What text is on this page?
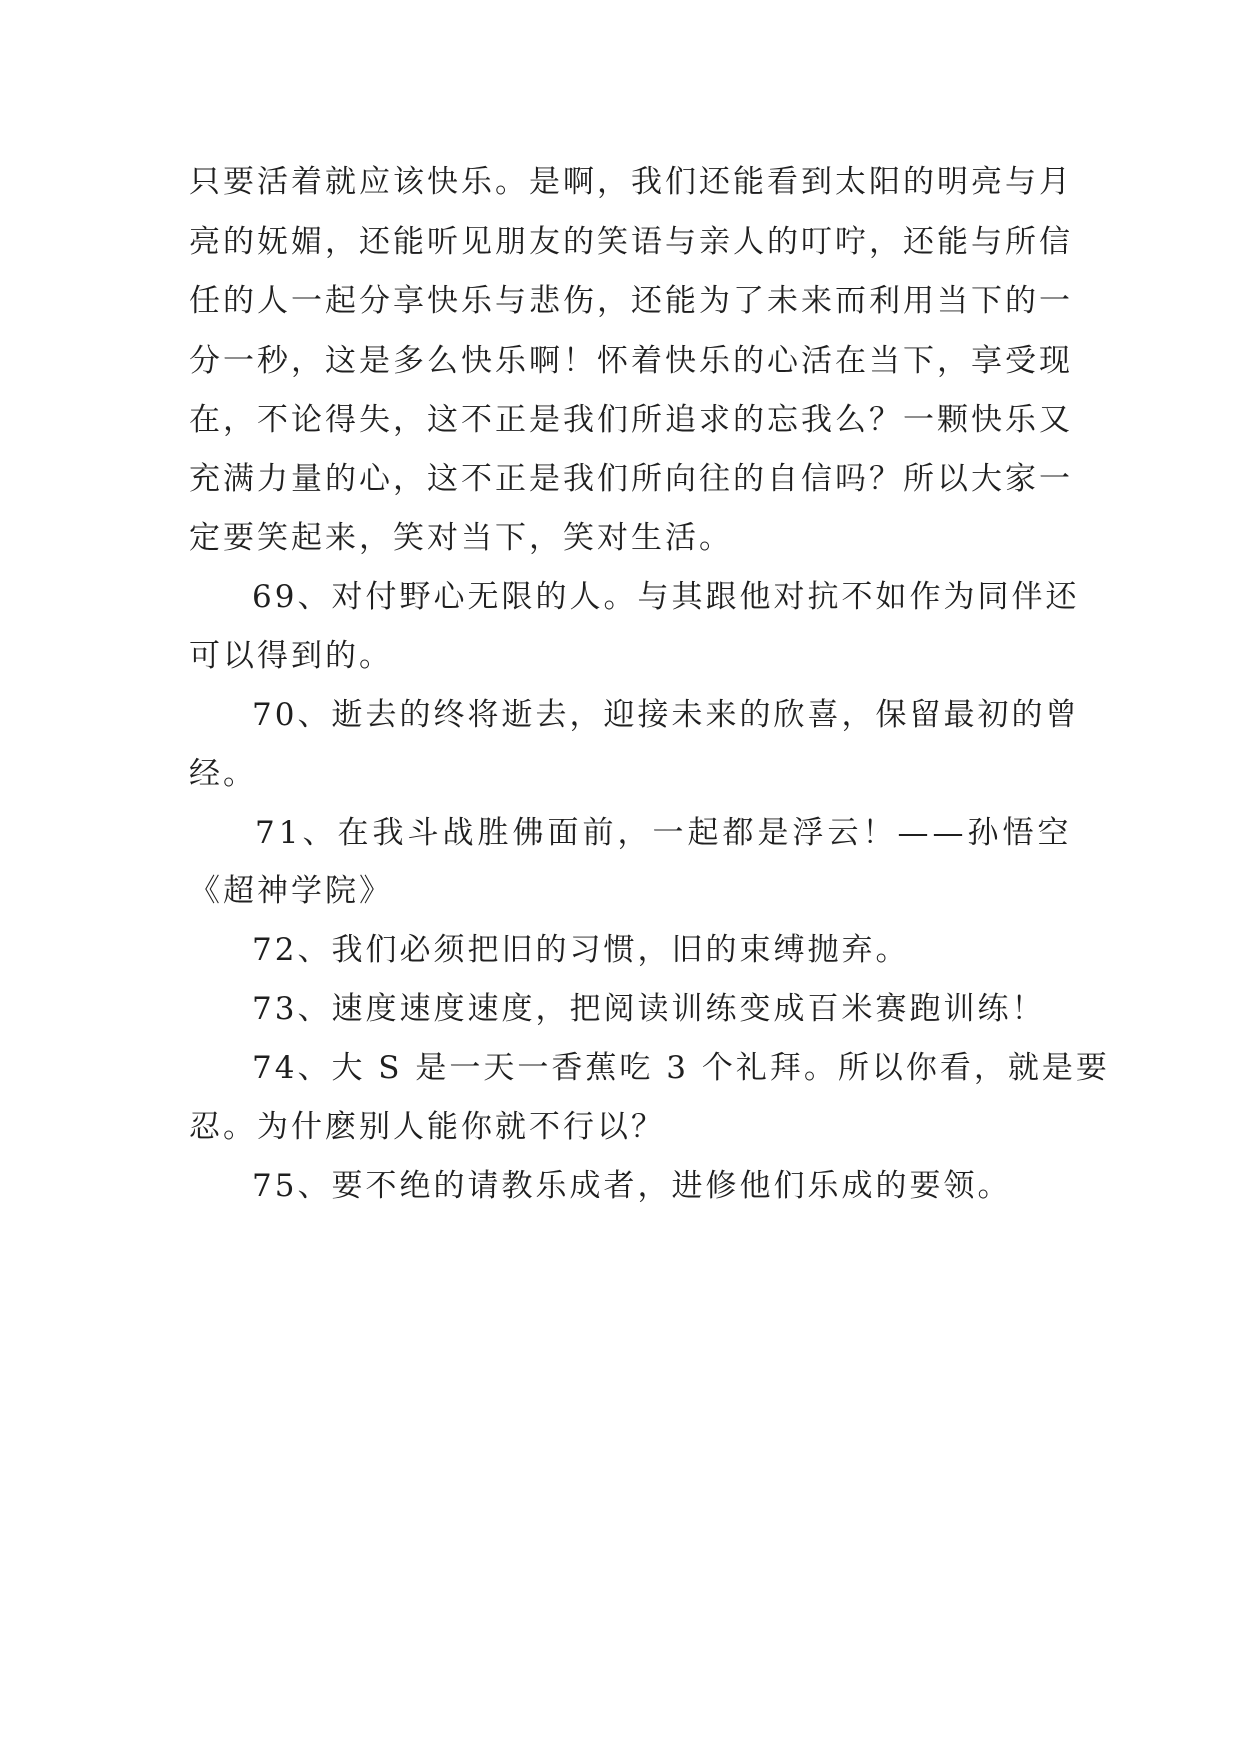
只要活着就应该快乐。是啊，我们还能看到太阳的明亮与月

亮的妩媚，还能听见朋友的笑语与亲人的叮咛，还能与所信

任的人一起分享快乐与悲伤，还能为了未来而利用当下的一

分一秒，这是多么快乐啊！怀着快乐的心活在当下，享受现

在，不论得失，这不正是我们所追求的忘我么？一颗快乐又

充满力量的心，这不正是我们所向往的自信吗？所以大家一

定要笑起来，笑对当下，笑对生活。

69、对付野心无限的人。与其跟他对抗不如作为同伴还

可以得到的。

70、逝去的终将逝去，迎接未来的欣喜，保留最初的曾

经。

71、在我斗战胜佛面前，一起都是浮云！——孙悟空

《超神学院》

72、我们必须把旧的习惯，旧的束缚抛弃。

73、速度速度速度，把阅读训练变成百米赛跑训练！

74、大 S 是一天一香蕉吃 3 个礼拜。所以你看，就是要

忍。为什麽别人能你就不行以？

75、要不绝的请教乐成者，进修他们乐成的要领。
